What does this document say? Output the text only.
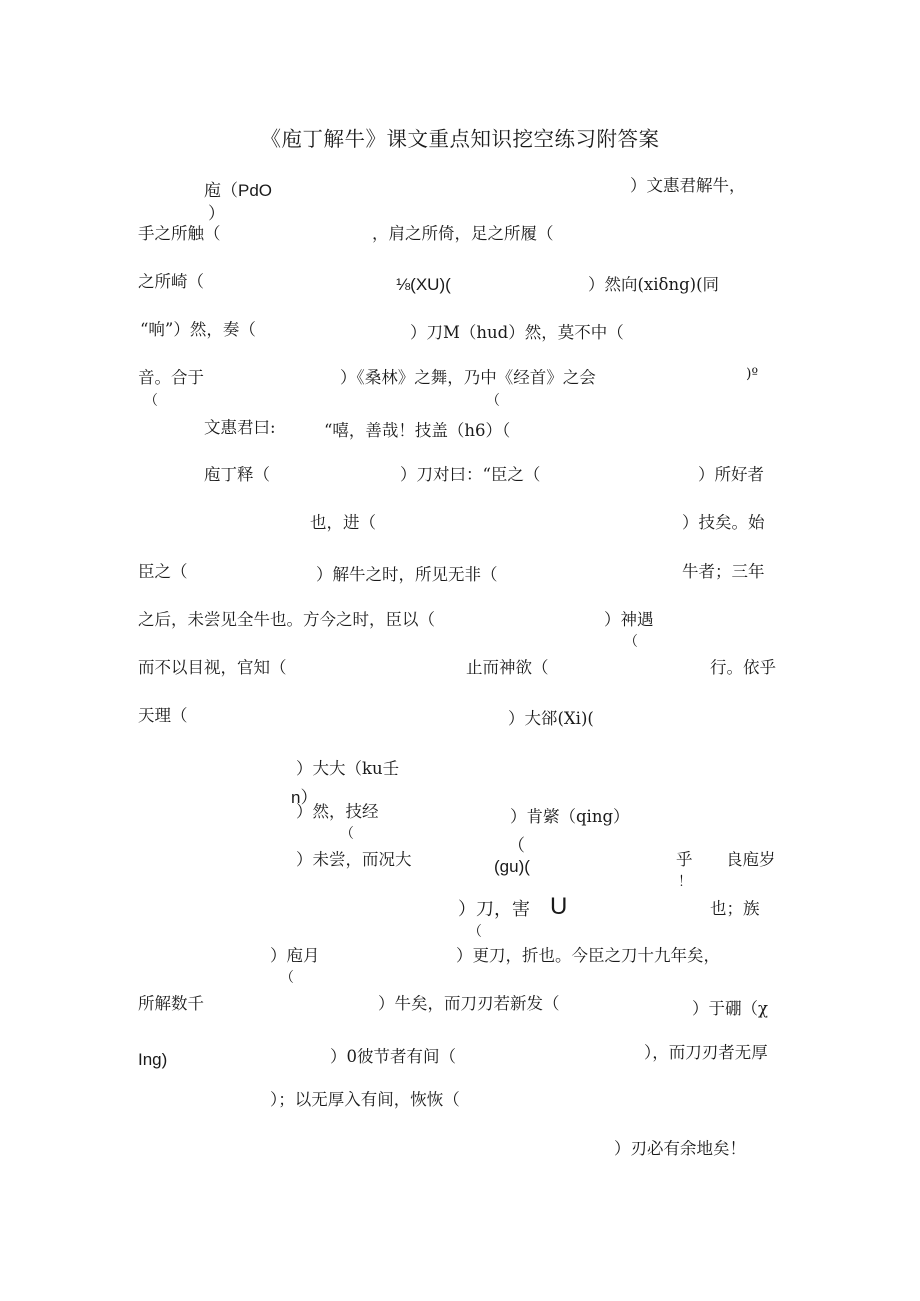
《庖丁解牛》课文重点知识挖空练习附答案
庖（PdO
）
）文惠君解牛，
手之所触（	，肩之所倚，足之所履（
之所崎（	⅛(XU)(	）然向(xiδng)(同
“响”）然，奏（	）刀M（hud）然，莫不中（
音。合于	）《桑林》之舞，乃中《经首》之会	)º
（	（
文惠君曰:	“嘻，善哉！技盖（h6）（
庖丁释（	）刀对曰：“臣之（	）所好者
也，进（	）技矣。始
臣之（	）解牛之时，所见无非（	牛者；三年
之后，未尝见全牛也。方今之时，臣以（	）神遇
（
而不以目视，官知（	止而神欲（	行。依乎
天理（	）大郤(Xi)(
）大大（ku壬
n）
）然，技经	）肯綮（qing）
（
（
）未尝，而况大	(gu)(	乎 良庖岁
！
）刀，害 U	也；族
（
）庖月	）更刀，折也。今臣之刀十九年矣，
（
所解数千	）牛矣，而刀刃若新发（	）于硼（χ
Ing)	）0彼节者有间（	），而刀刃者无厚
）；以无厚入有间，恢恢（
）刃必有余地矣！
